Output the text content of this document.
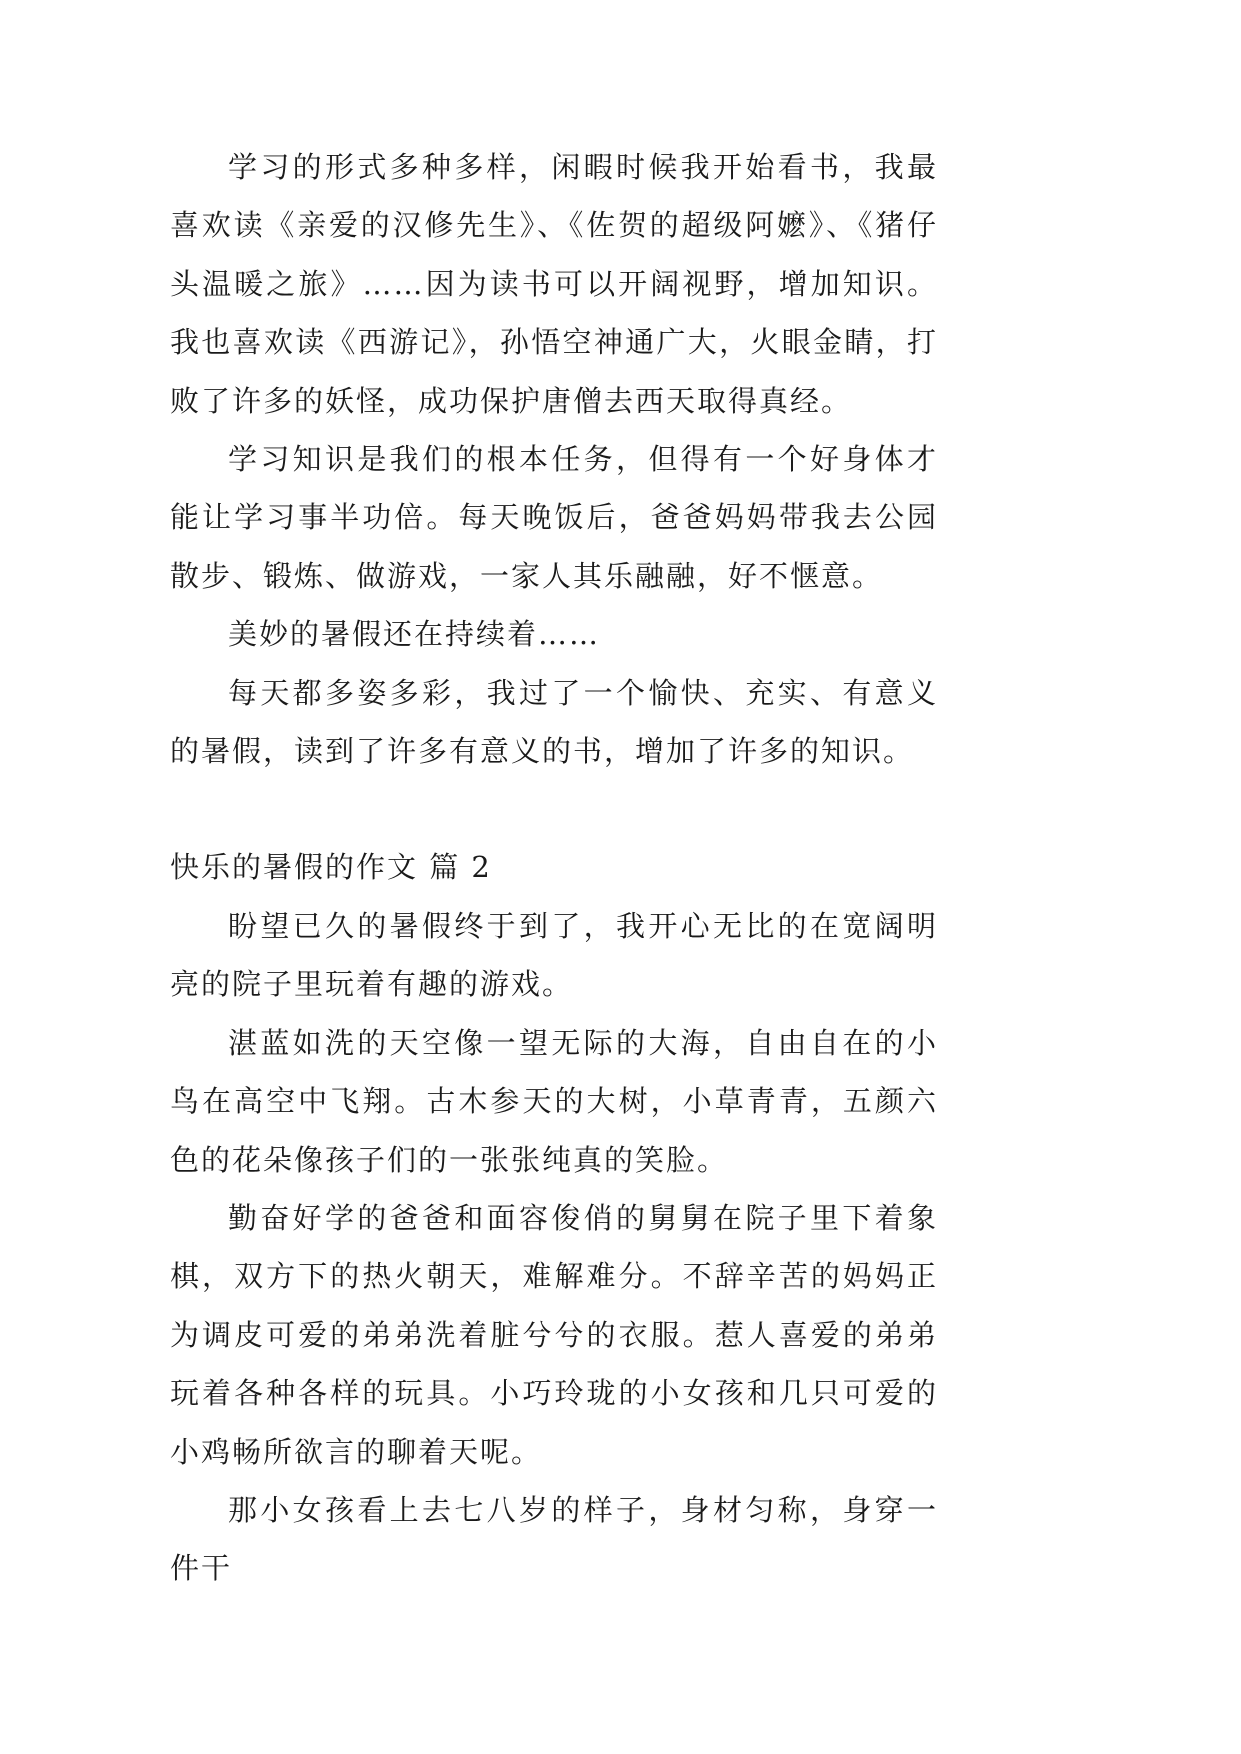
学习的形式多种多样，闲暇时候我开始看书，我最喜欢读《亲爱的汉修先生》、《佐贺的超级阿嬷》、《猪仔头温暖之旅》……因为读书可以开阔视野，增加知识。我也喜欢读《西游记》，孙悟空神通广大，火眼金睛，打败了许多的妖怪，成功保护唐僧去西天取得真经。

学习知识是我们的根本任务，但得有一个好身体才能让学习事半功倍。每天晚饭后，爸爸妈妈带我去公园散步、锻炼、做游戏，一家人其乐融融，好不惬意。

美妙的暑假还在持续着……

每天都多姿多彩，我过了一个愉快、充实、有意义的暑假，读到了许多有意义的书，增加了许多的知识。

快乐的暑假的作文 篇 2

盼望已久的暑假终于到了，我开心无比的在宽阔明亮的院子里玩着有趣的游戏。

湛蓝如洗的天空像一望无际的大海，自由自在的小鸟在高空中飞翔。古木参天的大树，小草青青，五颜六色的花朵像孩子们的一张张纯真的笑脸。

勤奋好学的爸爸和面容俊俏的舅舅在院子里下着象棋，双方下的热火朝天，难解难分。不辞辛苦的妈妈正为调皮可爱的弟弟洗着脏兮兮的衣服。惹人喜爱的弟弟玩着各种各样的玩具。小巧玲珑的小女孩和几只可爱的小鸡畅所欲言的聊着天呢。

那小女孩看上去七八岁的样子，身材匀称，身穿一件干
